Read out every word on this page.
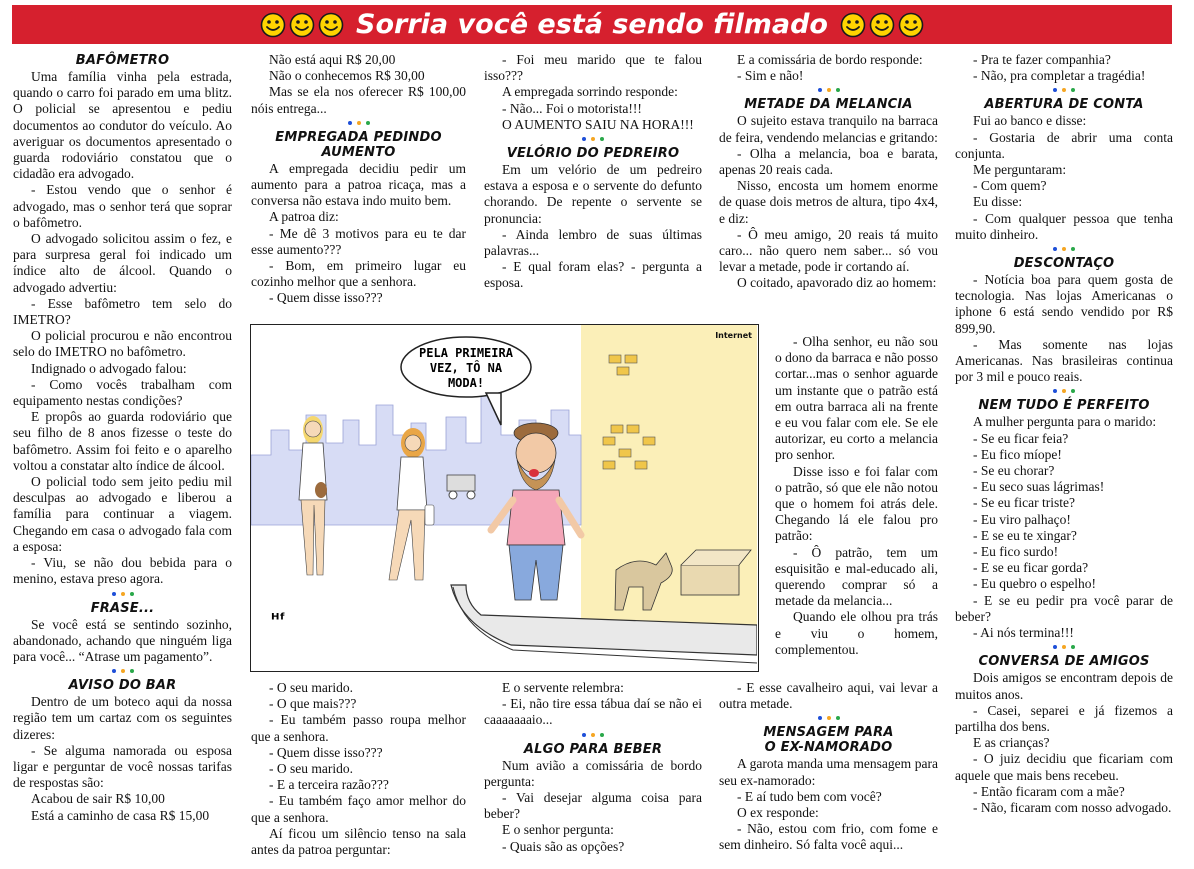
Sorria você está sendo filmado
BAFÔMETRO

Uma família vinha pela estrada, quando o carro foi parado em uma blitz. O policial se apresentou e pediu documentos ao condutor do veículo. Ao averiguar os documentos apresentado o guarda rodoviário constatou que o cidadão era advogado.

- Estou vendo que o senhor é advogado, mas o senhor terá que soprar o bafômetro.

O advogado solicitou assim o fez, e para surpresa geral foi indicado um índice alto de álcool. Quando o advogado advertiu:

- Esse bafômetro tem selo do IMETRO?

O policial procurou e não encontrou selo do IMETRO no bafômetro.

Indignado o advogado falou:

- Como vocês trabalham com equipamento nestas condições?

E propôs ao guarda rodoviário que seu filho de 8 anos fizesse o teste do bafômetro. Assim foi feito e o aparelho voltou a constatar alto índice de álcool.

O policial todo sem jeito pediu mil desculpas ao advogado e liberou a família para continuar a viagem. Chegando em casa o advogado fala com a esposa:

- Viu, se não dou bebida para o menino, estava preso agora.

FRASE...

Se você está se sentindo sozinho, abandonado, achando que ninguém liga para você... “Atrase um pagamento”.

AVISO DO BAR

Dentro de um boteco aqui da nossa região tem um cartaz com os seguintes dizeres:

- Se alguma namorada ou esposa ligar e perguntar de você nossas tarifas de respostas são:

Acabou de sair R$ 10,00

Está a caminho de casa R$ 15,00

Não está aqui R$ 20,00

Não o conhecemos R$ 30,00

Mas se ela nos oferecer R$ 100,00 nóis entrega...

EMPREGADA PEDINDO
AUMENTO

A empregada decidiu pedir um aumento para a patroa ricaça, mas a conversa não estava indo muito bem.

A patroa diz:

- Me dê 3 motivos para eu te dar esse aumento???

- Bom, em primeiro lugar eu cozinho melhor que a senhora.

- Quem disse isso???

- Foi meu marido que te falou isso???

A empregada sorrindo responde:

- Não... Foi o motorista!!!

O AUMENTO SAIU NA HORA!!!

VELÓRIO DO PEDREIRO

Em um velório de um pedreiro estava a esposa e o servente do defunto chorando. De repente o servente se pronuncia:

- Ainda lembro de suas últimas palavras...

- E qual foram elas? - pergunta a esposa.

E a comissária de bordo responde:

- Sim e não!

METADE DA MELANCIA

O sujeito estava tranquilo na barraca de feira, vendendo melancias e gritando:

- Olha a melancia, boa e barata, apenas 20 reais cada.

Nisso, encosta um homem enorme de quase dois metros de altura, tipo 4x4, e diz:

- Ô meu amigo, 20 reais tá muito caro... não quero nem saber... só vou levar a metade, pode ir cortando aí.

O coitado, apavorado diz ao homem:

- Olha senhor, eu não sou o dono da barraca e não posso cortar...mas o senhor aguarde um instante que o patrão está em outra barraca ali na frente e eu vou falar com ele. Se ele autorizar, eu corto a melancia pro senhor.

Disse isso e foi falar com o patrão, só que ele não notou que o homem foi atrás dele. Chegando lá ele falou pro patrão:

- Ô patrão, tem um esquisitão e mal-educado ali, querendo comprar só a metade da melancia...

Quando ele olhou pra trás e viu o homem, complementou.

- E esse cavalheiro aqui, vai levar a outra metade.

MENSAGEM PARA
O EX-NAMORADO

A garota manda uma mensagem para seu ex-namorado:

- E aí tudo bem com você?

O ex responde:

- Não, estou com frio, com fome e sem dinheiro. Só falta você aqui...

- Pra te fazer companhia?

- Não, pra completar a tragédia!

ABERTURA DE CONTA

Fui ao banco e disse:

- Gostaria de abrir uma conta conjunta.

Me perguntaram:

- Com quem?

Eu disse:

- Com qualquer pessoa que tenha muito dinheiro.

DESCONTAÇO

- Notícia boa para quem gosta de tecnologia. Nas lojas Americanas o iphone 6 está sendo vendido por R$ 899,90.

- Mas somente nas lojas Americanas. Nas brasileiras continua por 3 mil e pouco reais.

NEM TUDO É PERFEITO

A mulher pergunta para o marido:

- Se eu ficar feia?

- Eu fico míope!

- Se eu chorar?

- Eu seco suas lágrimas!

- Se eu ficar triste?

- Eu viro palhaço!

- E se eu te xingar?

- Eu fico surdo!

- E se eu ficar gorda?

- Eu quebro o espelho!

- E se eu pedir pra você parar de beber?

- Ai nós termina!!!

CONVERSA DE AMIGOS

Dois amigos se encontram depois de muitos anos.

- Casei, separei e já fizemos a partilha dos bens.

E as crianças?

- O juiz decidiu que ficariam com aquele que mais bens recebeu.

- Então ficaram com a mãe?

- Não, ficaram com nosso advogado.

PELA PRIMEIRA
VEZ, TÔ NA
MODA!
ᴴᶠ
Internet

- O seu marido.

- O que mais???

- Eu também passo roupa melhor que a senhora.

- Quem disse isso???

- O seu marido.

- E a terceira razão???

- Eu também faço amor melhor do que a senhora.

Aí ficou um silêncio tenso na sala antes da patroa perguntar:

E o servente relembra:

- Ei, não tire essa tábua daí se não ei caaaaaaaio...

ALGO PARA BEBER

Num avião a comissária de bordo pergunta:

- Vai desejar alguma coisa para beber?

E o senhor pergunta:

- Quais são as opções?
